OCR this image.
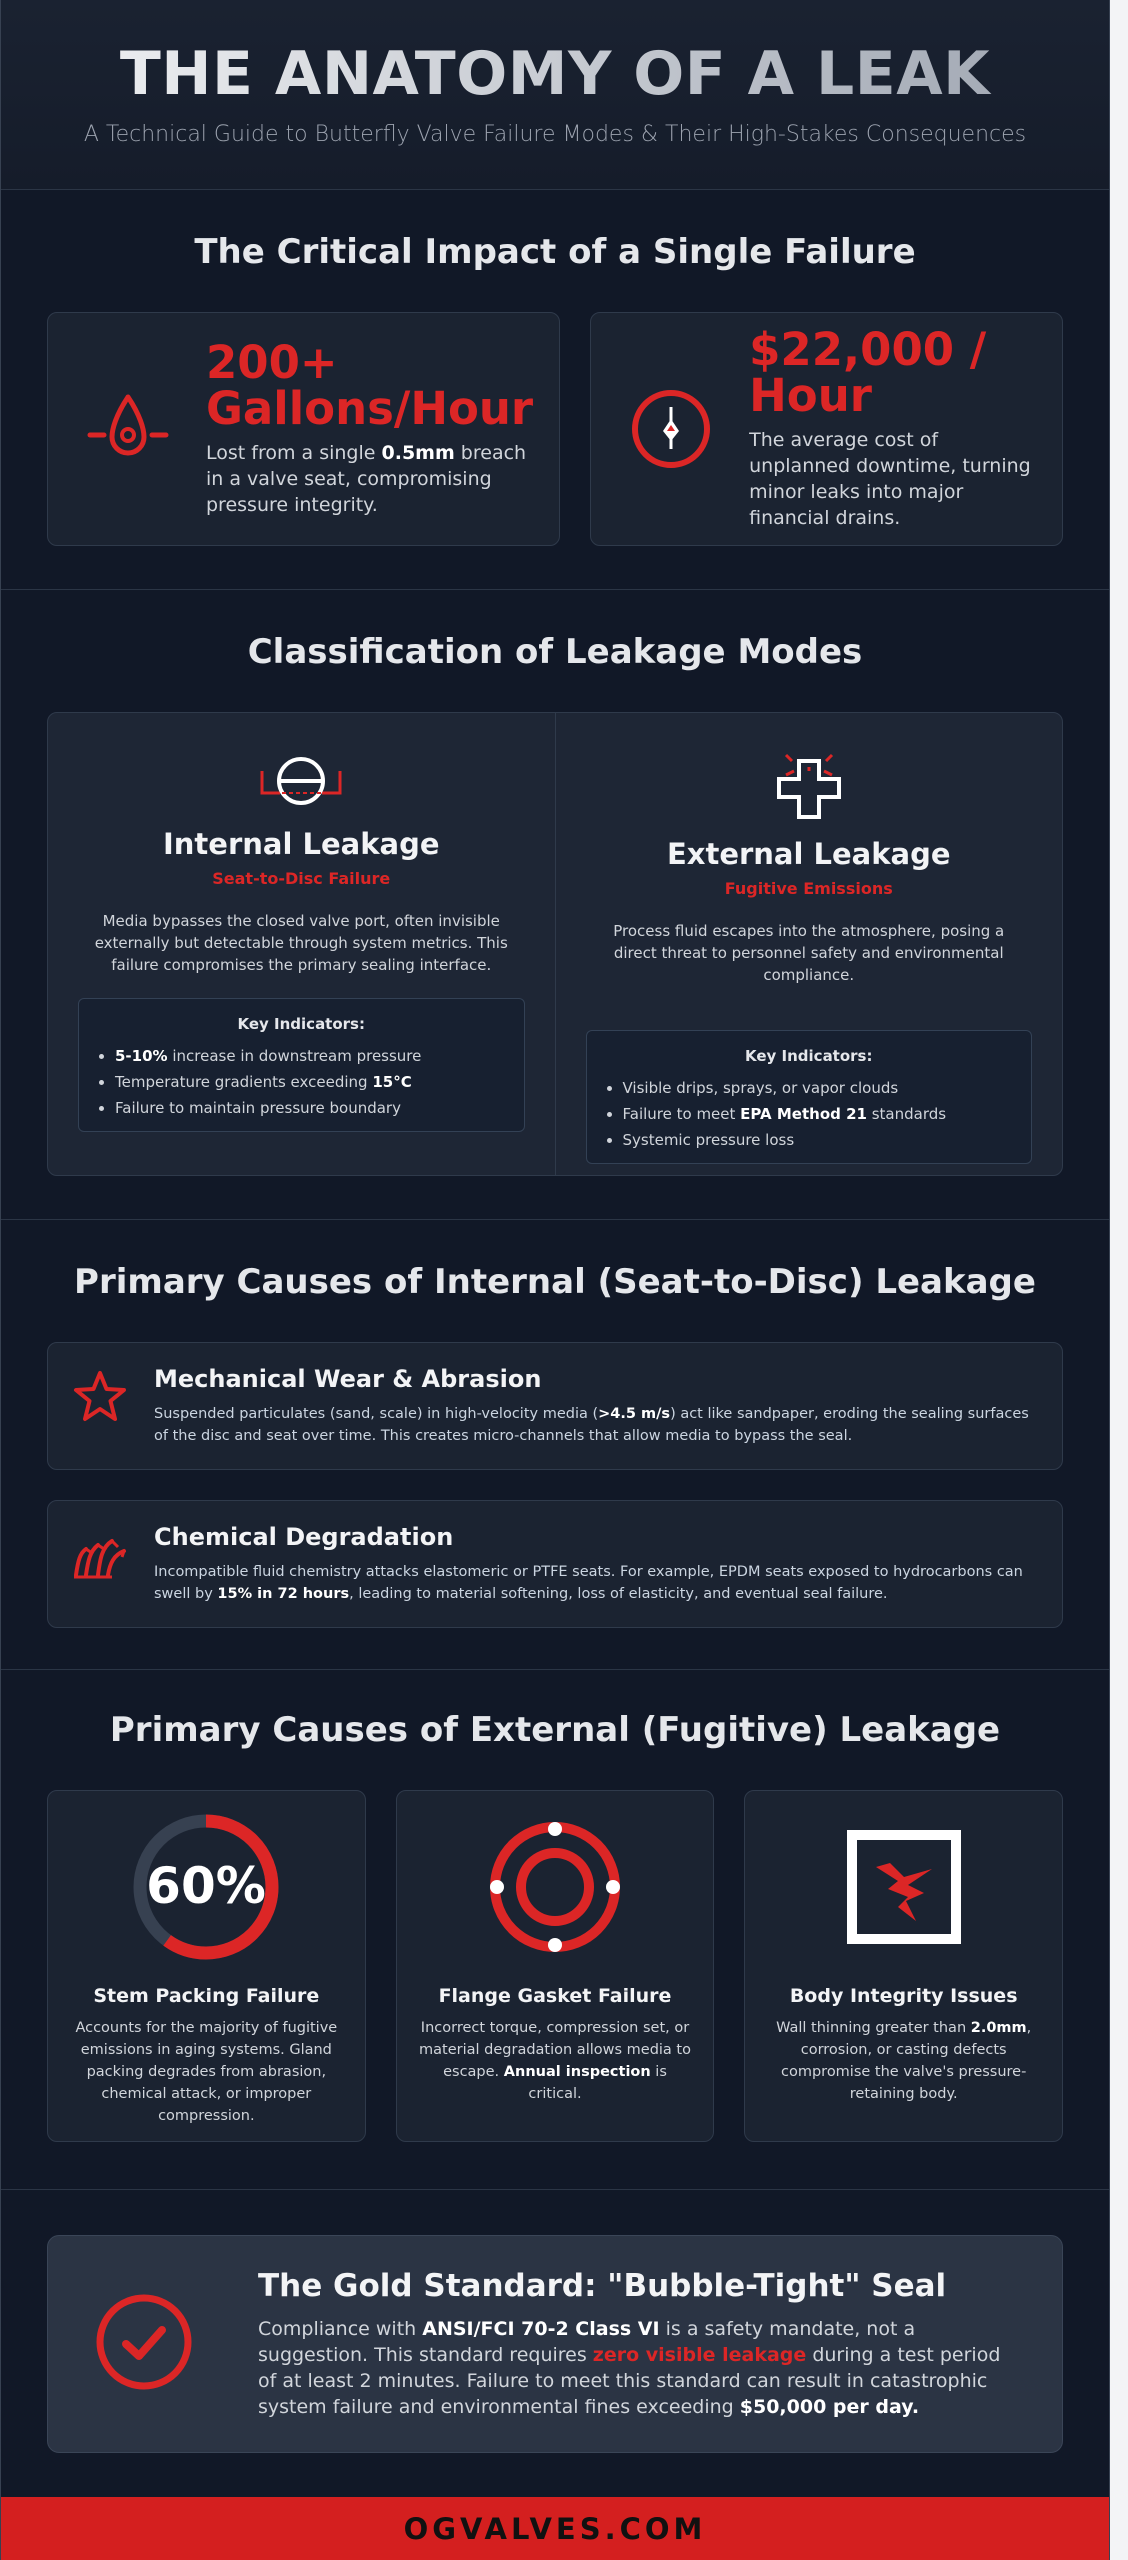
THE ANATOMY OF A LEAK

A Technical Guide to Butterfly Valve Failure Modes & Their High-Stakes Consequences

The Critical Impact of a Single Failure
200+ Gallons/Hour
Lost from a single 0.5mm breach in a valve seat, compromising pressure integrity.
$22,000 / Hour
The average cost of unplanned downtime, turning minor leaks into major financial drains.
Classification of Leakage Modes
Internal Leakage
Seat-to-Disc Failure
Media bypasses the closed valve port, often invisible externally but detectable through system metrics. This failure compromises the primary sealing interface.
Key Indicators:
• 5-10% increase in downstream pressure
• Temperature gradients exceeding 15°C
• Failure to maintain pressure boundary
External Leakage
Fugitive Emissions
Process fluid escapes into the atmosphere, posing a direct threat to personnel safety and environmental compliance.
Key Indicators:
• Visible drips, sprays, or vapor clouds
• Failure to meet EPA Method 21 standards
• Systemic pressure loss
Primary Causes of Internal (Seat-to-Disc) Leakage
Mechanical Wear & Abrasion

Suspended particulates (sand, scale) in high-velocity media (>4.5 m/s) act like sandpaper, eroding the sealing surfaces of the disc and seat over time. This creates micro-channels that allow media to bypass the seal.

Chemical Degradation

Incompatible fluid chemistry attacks elastomeric or PTFE seats. For example, EPDM seats exposed to hydrocarbons can swell by 15% in 72 hours, leading to material softening, loss of elasticity, and eventual seal failure.

Primary Causes of External (Fugitive) Leakage
60%
Stem Packing Failure

Accounts for the majority of fugitive emissions in aging systems. Gland packing degrades from abrasion, chemical attack, or improper compression.

Flange Gasket Failure

Incorrect torque, compression set, or material degradation allows media to escape. Annual inspection is critical.

Body Integrity Issues

Wall thinning greater than 2.0mm, corrosion, or casting defects compromise the valve's pressure-retaining body.

The Gold Standard: "Bubble-Tight" Seal

Compliance with ANSI/FCI 70-2 Class VI is a safety mandate, not a suggestion. This standard requires zero visible leakage during a test period of at least 2 minutes. Failure to meet this standard can result in catastrophic system failure and environmental fines exceeding $50,000 per day.

OGVALVES.COM
